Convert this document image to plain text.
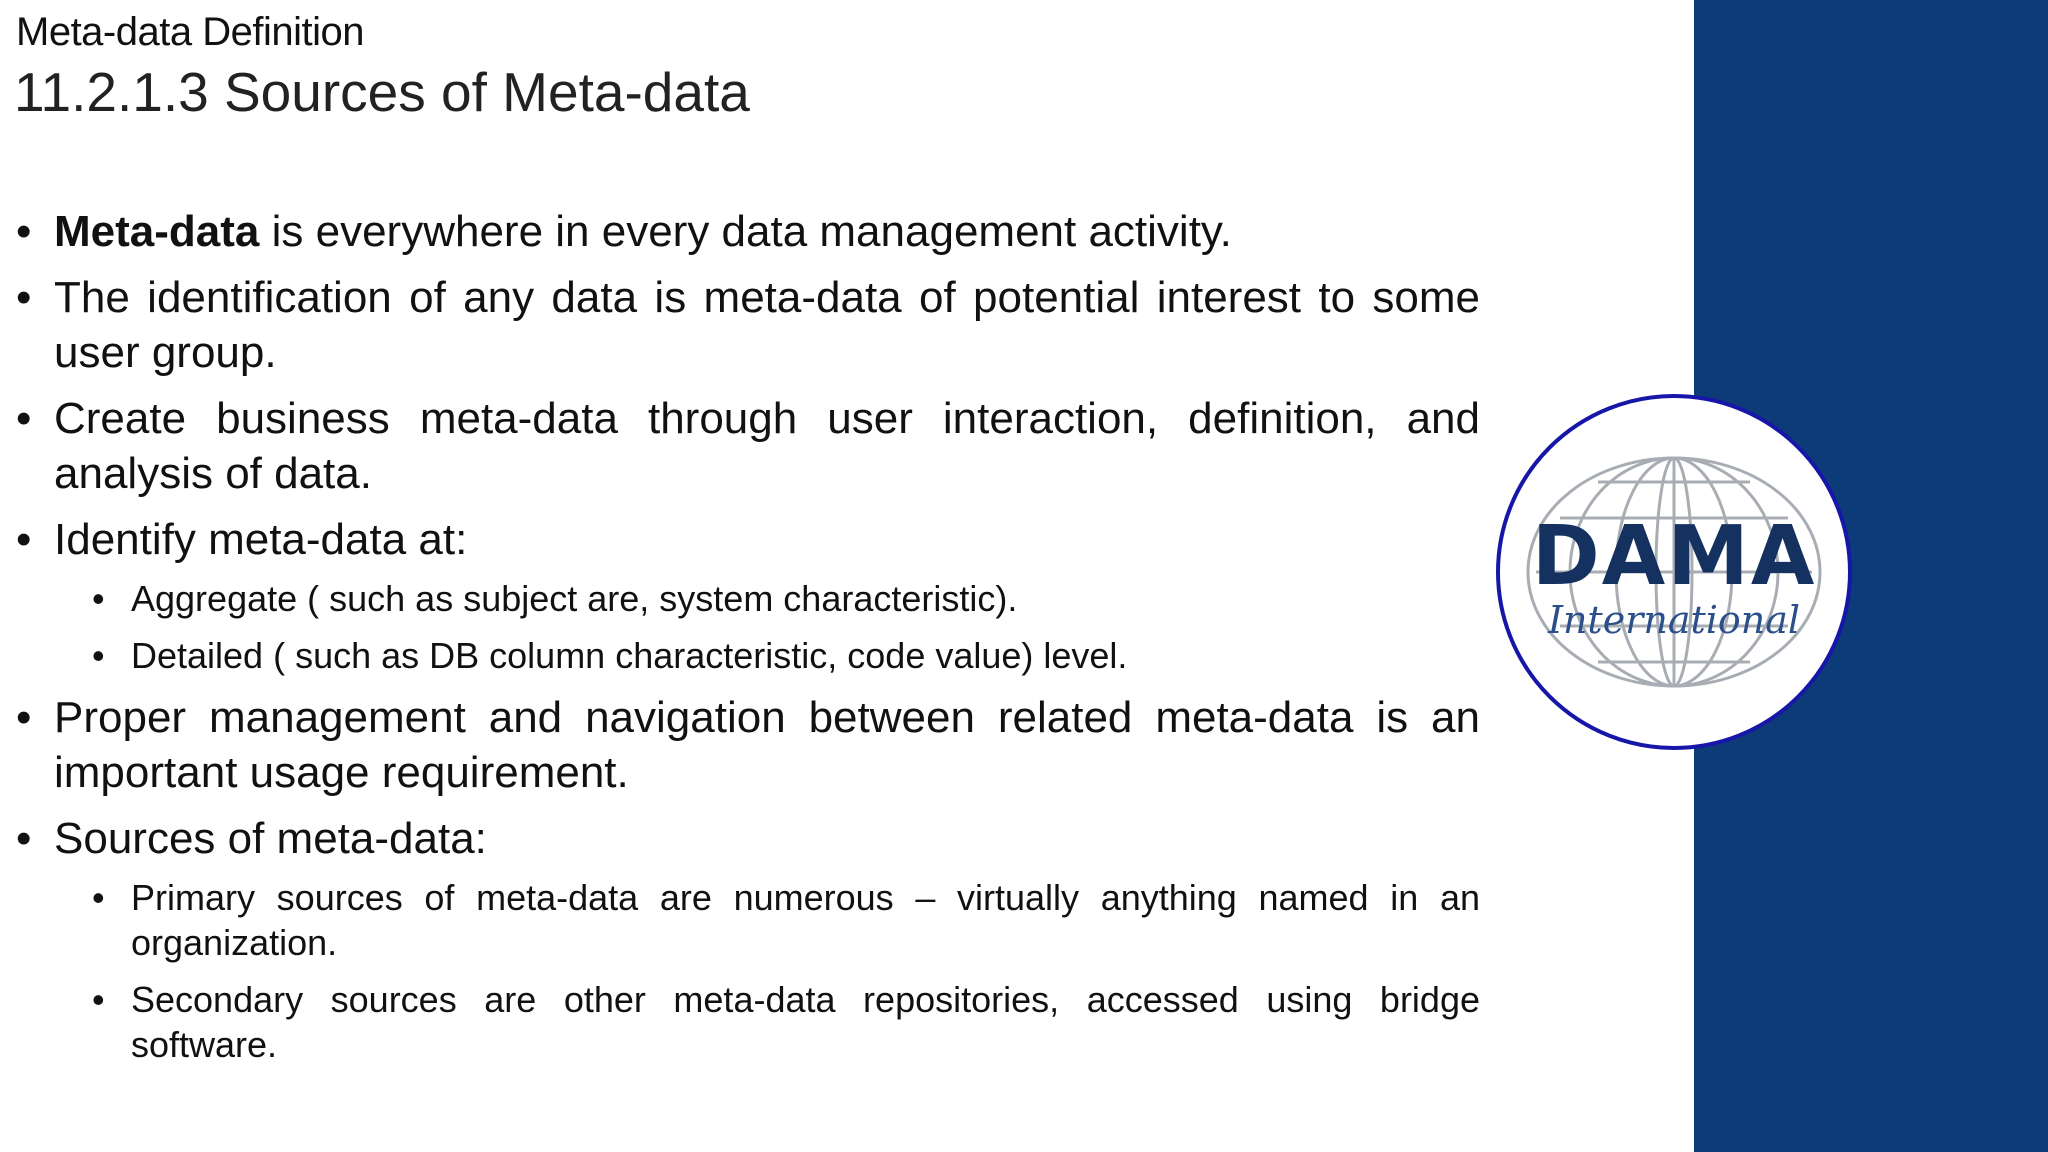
Meta-data Definition
11.2.1.3 Sources of Meta-data
• Meta-data is everywhere in every data management activity.
• The identification of any data is meta-data of potential interest to some user group.
• Create business meta-data through user interaction, definition, and analysis of data.
• Identify meta-data at:
• Aggregate ( such as subject are, system characteristic).
• Detailed ( such as DB column characteristic, code value) level.
• Proper management and navigation between related meta-data is an important usage requirement.
• Sources of meta-data:
• Primary sources of meta-data are numerous – virtually anything named in an organization.
• Secondary sources are other meta-data repositories, accessed using bridge software.
DAMA
International
